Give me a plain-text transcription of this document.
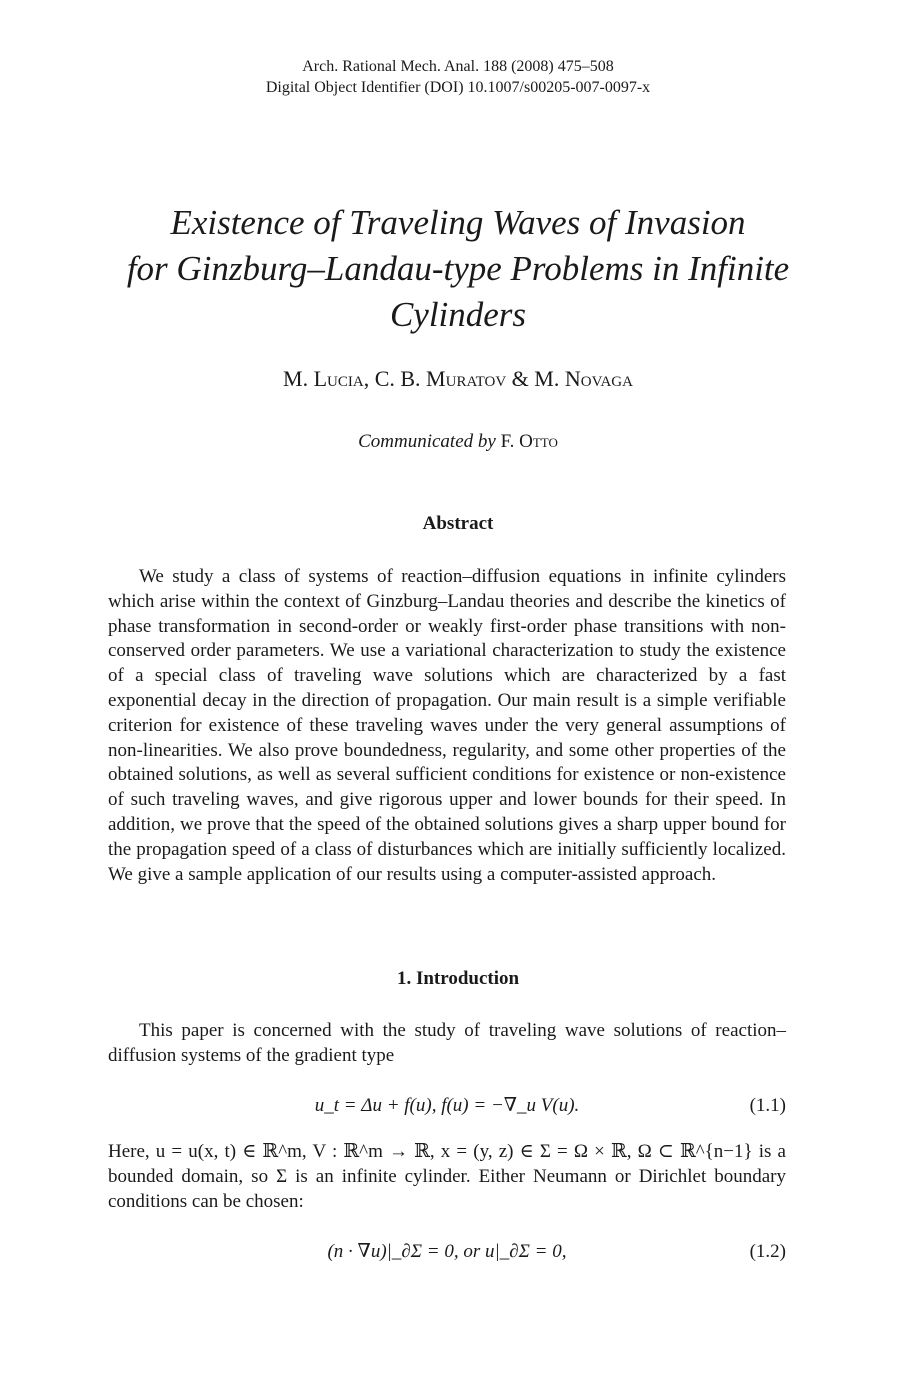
Arch. Rational Mech. Anal. 188 (2008) 475–508
Digital Object Identifier (DOI) 10.1007/s00205-007-0097-x
Existence of Traveling Waves of Invasion
for Ginzburg–Landau-type Problems in Infinite
Cylinders
M. Lucia, C. B. Muratov & M. Novaga
Communicated by F. Otto
Abstract

We study a class of systems of reaction–diffusion equations in infinite cylinders which arise within the context of Ginzburg–Landau theories and describe the kinetics of phase transformation in second-order or weakly first-order phase transitions with non-conserved order parameters. We use a variational characterization to study the existence of a special class of traveling wave solutions which are characterized by a fast exponential decay in the direction of propagation. Our main result is a simple verifiable criterion for existence of these traveling waves under the very general assumptions of non-linearities. We also prove boundedness, regularity, and some other properties of the obtained solutions, as well as several sufficient conditions for existence or non-existence of such traveling waves, and give rigorous upper and lower bounds for their speed. In addition, we prove that the speed of the obtained solutions gives a sharp upper bound for the propagation speed of a class of disturbances which are initially sufficiently localized. We give a sample application of our results using a computer-assisted approach.

1. Introduction

This paper is concerned with the study of traveling wave solutions of reaction–diffusion systems of the gradient type

u_t = Δu + f(u), f(u) = −∇_u V(u).	(1.1)

Here, u = u(x, t) ∈ ℝ^m, V : ℝ^m → ℝ, x = (y, z) ∈ Σ = Ω × ℝ, Ω ⊂ ℝ^{n−1} is a bounded domain, so Σ is an infinite cylinder. Either Neumann or Dirichlet boundary conditions can be chosen:

(n · ∇u)|_∂Σ = 0, or u|_∂Σ = 0,	(1.2)
